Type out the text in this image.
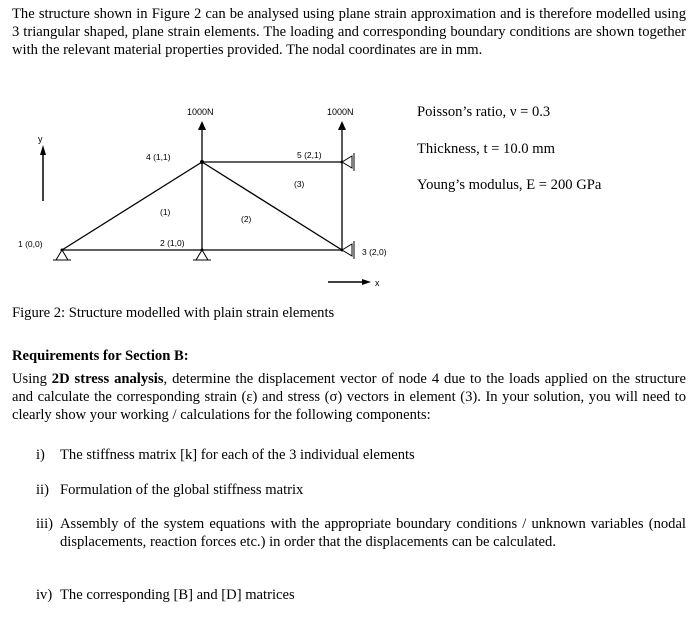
The structure shown in Figure 2 can be analysed using plane strain approximation and is therefore modelled using 3 triangular shaped, plane strain elements. The loading and corresponding boundary conditions are shown together with the relevant material properties provided. The nodal coordinates are in mm.

y
1000N	1000N
1 (0,0)	2 (1,0)
3 (2,0)
4 (1,1)	5 (2,1)
(1)
(2)
(3)
x
Poisson’s ratio, ν = 0.3
Thickness, t = 10.0 mm
Young’s modulus, E = 200 GPa

Figure 2: Structure modelled with plain strain elements

Requirements for Section B:

Using 2D stress analysis, determine the displacement vector of node 4 due to the loads applied on the structure and calculate the corresponding strain (ε) and stress (σ) vectors in element (3). In your solution, you will need to clearly show your working / calculations for the following components:

i) The stiffness matrix [k] for each of the 3 individual elements
ii) Formulation of the global stiffness matrix
iii) Assembly of the system equations with the appropriate boundary conditions / unknown variables (nodal displacements, reaction forces etc.) in order that the displacements can be calculated.
iv) The corresponding [B] and [D] matrices
